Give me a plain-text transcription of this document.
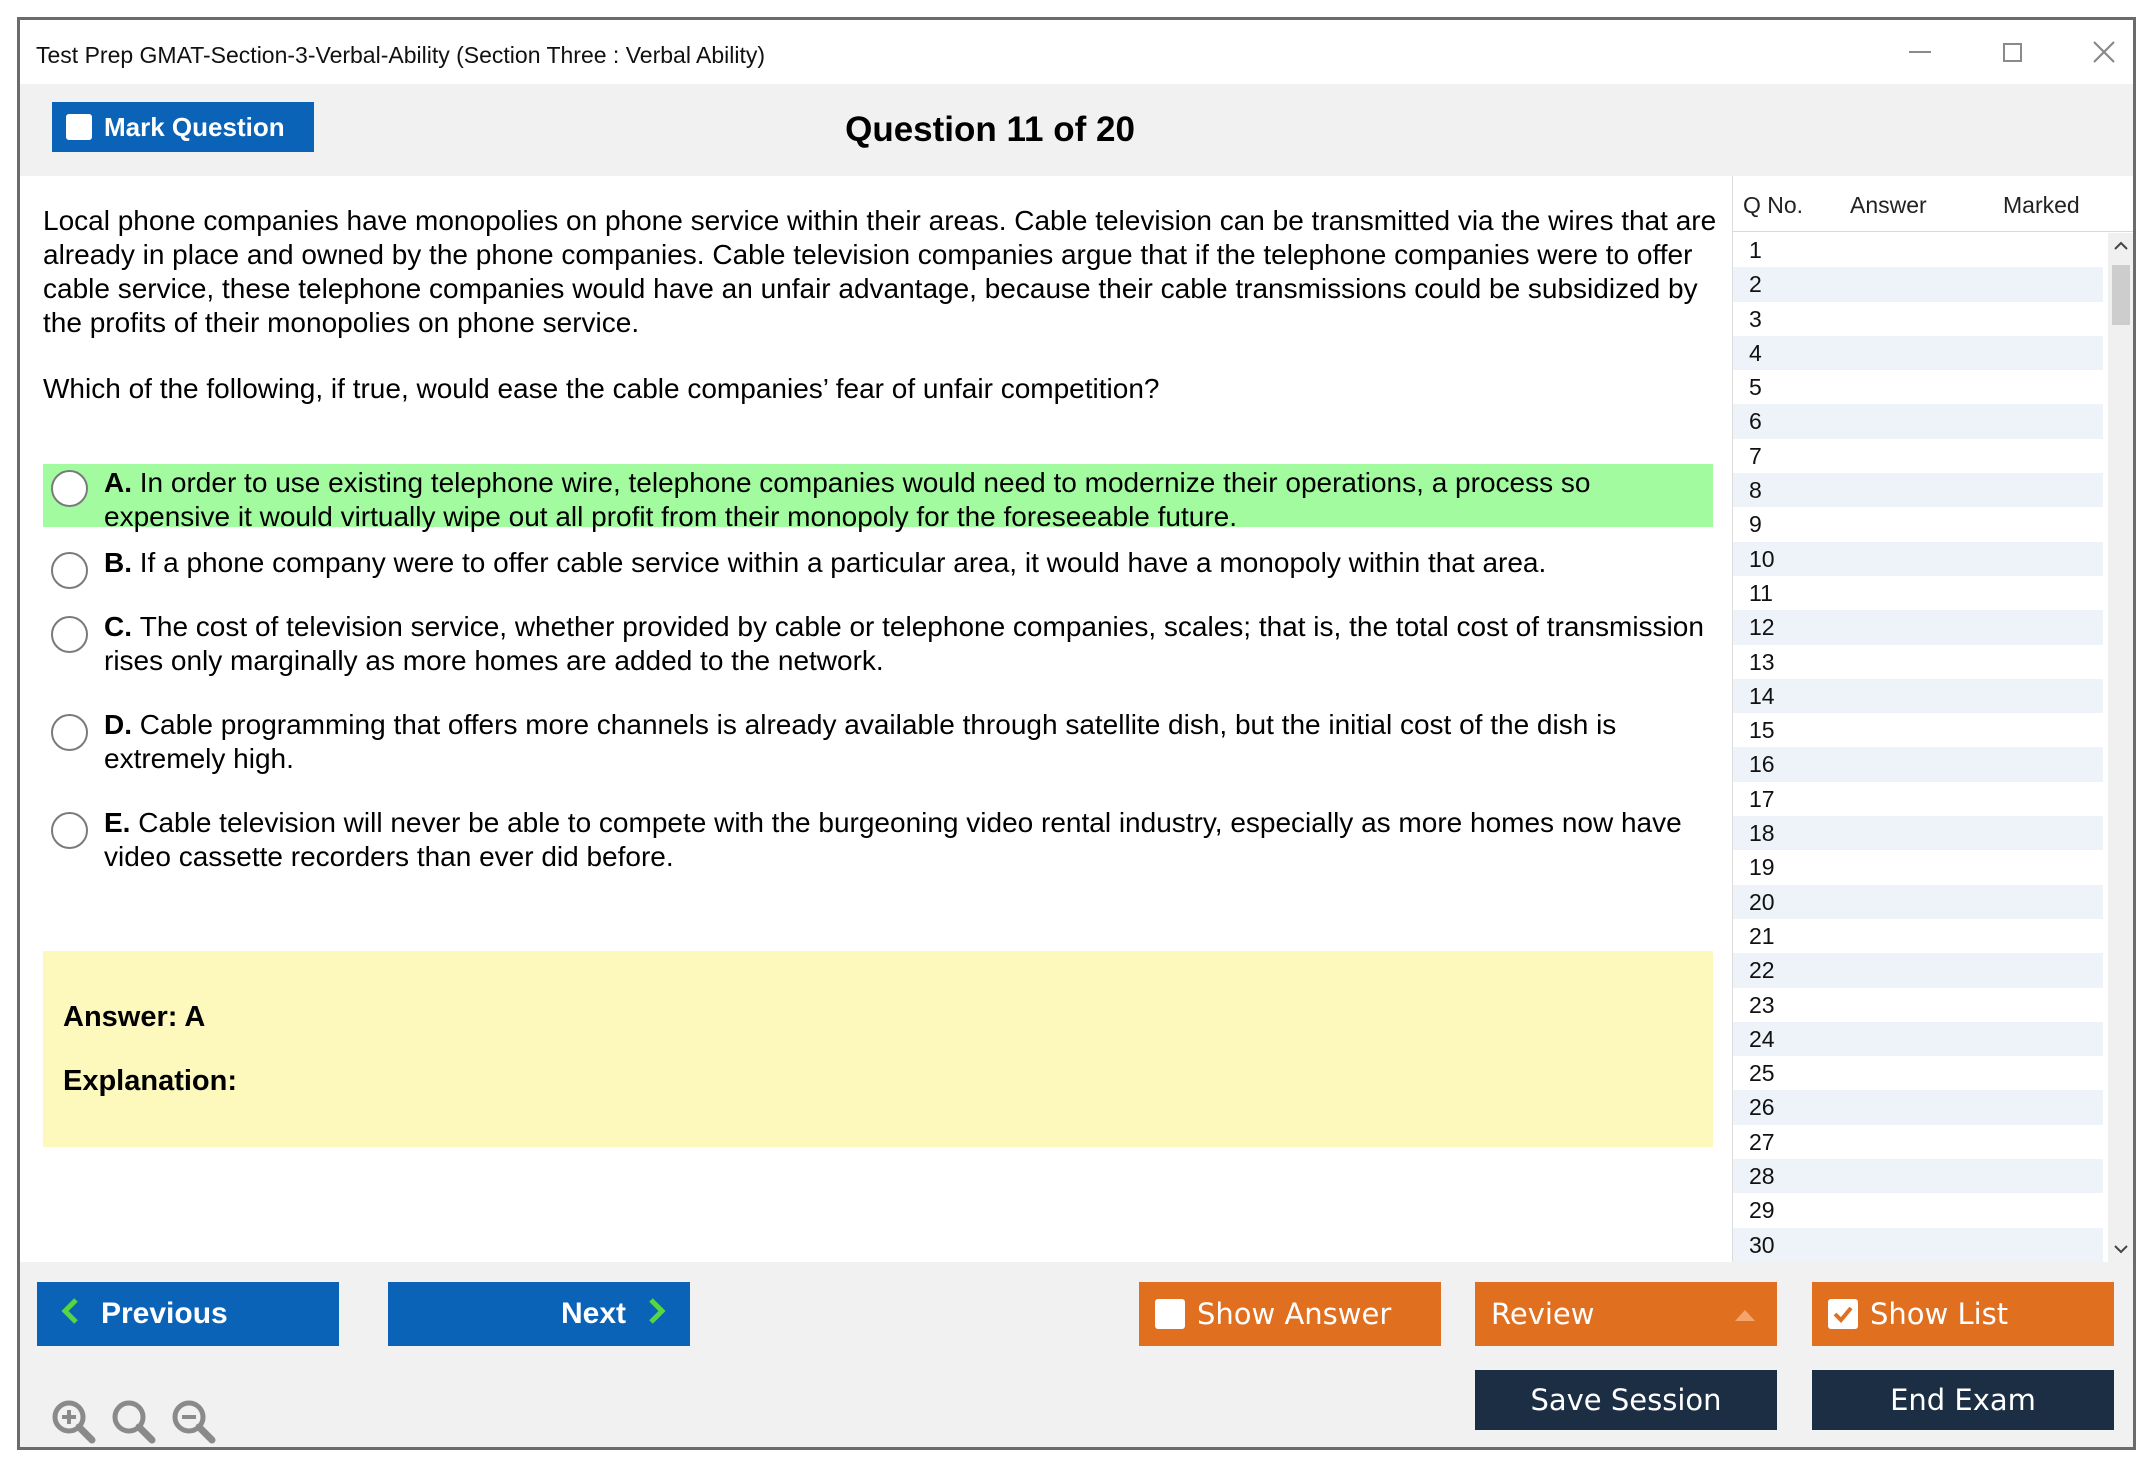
Test Prep GMAT-Section-3-Verbal-Ability (Section Three : Verbal Ability)
Mark Question	Question 11 of 20
Local phone companies have monopolies on phone service within their areas. Cable television can be transmitted via the wires that are already in place and owned by the phone companies. Cable television companies argue that if the telephone companies were to offer cable service, these telephone companies would have an unfair advantage, because their cable transmissions could be subsidized by the profits of their monopolies on phone service.
Which of the following, if true, would ease the cable companies’ fear of unfair competition?
A. In order to use existing telephone wire, telephone companies would need to modernize their operations, a process so expensive it would virtually wipe out all profit from their monopoly for the foreseeable future.
B. If a phone company were to offer cable service within a particular area, it would have a monopoly within that area.
C. The cost of television service, whether provided by cable or telephone companies, scales; that is, the total cost of transmission rises only marginally as more homes are added to the network.
D. Cable programming that offers more channels is already available through satellite dish, but the initial cost of the dish is extremely high.
E. Cable television will never be able to compete with the burgeoning video rental industry, especially as more homes now have video cassette recorders than ever did before.
Answer: A
Explanation:
Q No. Answer	Marked
1
2
3
4
5
6
7
8
9
10
11
12
13
14
15
16
17
18
19
20
21
22
23
24
25
26
27
28
29
30
Previous	Next	Show Answer	Review	Show List
Save Session	End Exam
